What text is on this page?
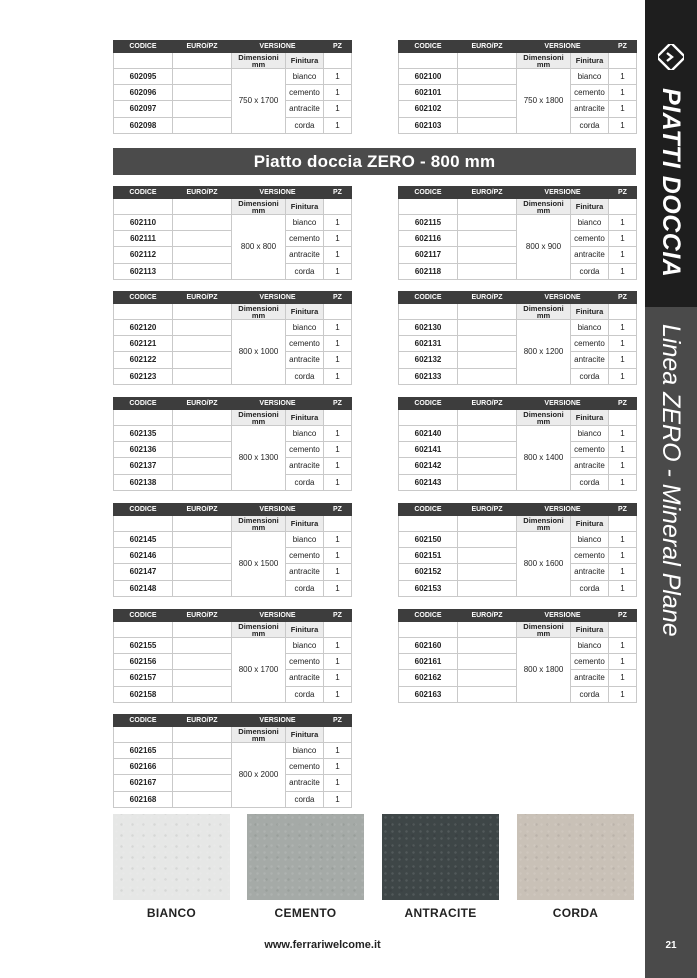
PIATTI DOCCIA
Linea ZERO - Mineral Plane
21
Piatto doccia ZERO - 800 mm
CODICE	EURO/PZ	VERSIONE		PZ
		Dimensioni mm	Finitura	
602095		750 x 1700	bianco	1
602096			cemento	1
602097			antracite	1
602098			corda	1
CODICE	EURO/PZ	VERSIONE		PZ
		Dimensioni mm	Finitura	
602100		750 x 1800	bianco	1
602101			cemento	1
602102			antracite	1
602103			corda	1
CODICE	EURO/PZ	VERSIONE		PZ
		Dimensioni mm	Finitura	
602110		800 x 800	bianco	1
602111			cemento	1
602112			antracite	1
602113			corda	1
CODICE	EURO/PZ	VERSIONE		PZ
		Dimensioni mm	Finitura	
602115		800 x 900	bianco	1
602116			cemento	1
602117			antracite	1
602118			corda	1
CODICE	EURO/PZ	VERSIONE		PZ
		Dimensioni mm	Finitura	
602120		800 x 1000	bianco	1
602121			cemento	1
602122			antracite	1
602123			corda	1
CODICE	EURO/PZ	VERSIONE		PZ
		Dimensioni mm	Finitura	
602130		800 x 1200	bianco	1
602131			cemento	1
602132			antracite	1
602133			corda	1
CODICE	EURO/PZ	VERSIONE		PZ
		Dimensioni mm	Finitura	
602135		800 x 1300	bianco	1
602136			cemento	1
602137			antracite	1
602138			corda	1
CODICE	EURO/PZ	VERSIONE		PZ
		Dimensioni mm	Finitura	
602140		800 x 1400	bianco	1
602141			cemento	1
602142			antracite	1
602143			corda	1
CODICE	EURO/PZ	VERSIONE		PZ
		Dimensioni mm	Finitura	
602145		800 x 1500	bianco	1
602146			cemento	1
602147			antracite	1
602148			corda	1
CODICE	EURO/PZ	VERSIONE		PZ
		Dimensioni mm	Finitura	
602150		800 x 1600	bianco	1
602151			cemento	1
602152			antracite	1
602153			corda	1
CODICE	EURO/PZ	VERSIONE		PZ
		Dimensioni mm	Finitura	
602155		800 x 1700	bianco	1
602156			cemento	1
602157			antracite	1
602158			corda	1
CODICE	EURO/PZ	VERSIONE		PZ
		Dimensioni mm	Finitura	
602160		800 x 1800	bianco	1
602161			cemento	1
602162			antracite	1
602163			corda	1
CODICE	EURO/PZ	VERSIONE		PZ
		Dimensioni mm	Finitura	
602165		800 x 2000	bianco	1
602166			cemento	1
602167			antracite	1
602168			corda	1
BIANCO	CEMENTO	ANTRACITE	CORDA
www.ferrariwelcome.it
